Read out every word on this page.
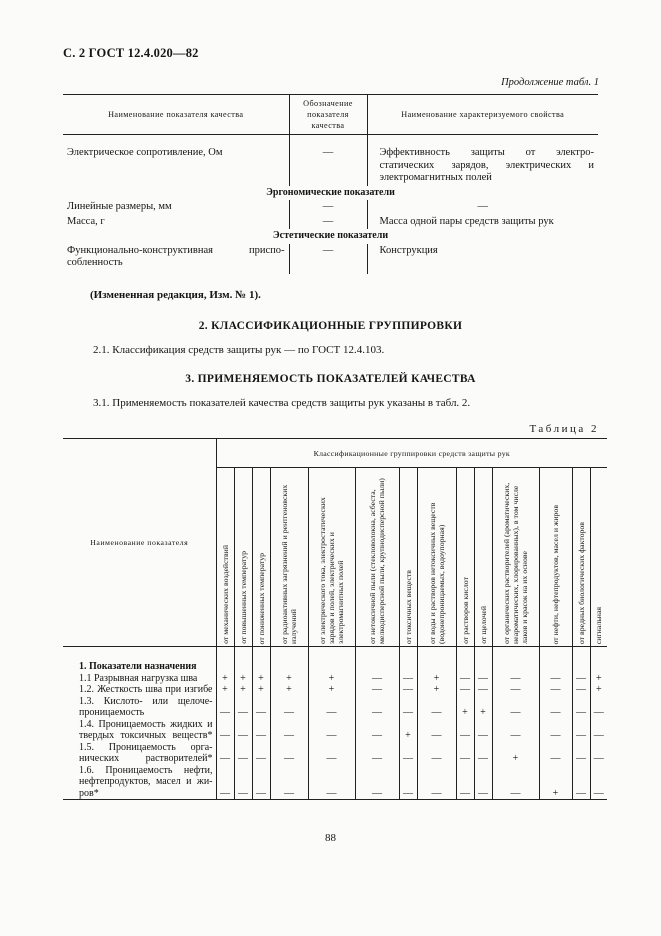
С. 2 ГОСТ 12.4.020—82
Продолжение табл. 1
Наименование показателя качества	Обозначение показателя качества	Наименование характеризуемого свойства
Электрическое сопротивление, Ом	—	Эффективность защиты от электро-статических зарядов, электрических и электромагнитных полей
Эргономические показатели		
Линейные размеры, мм	—	—
Масса, г	—	Масса одной пары средств защиты рук
Эстетические показатели		
Функционально-конструктивная приспо-собленность	—	Конструкция
(Измененная редакция, Изм. № 1).
2. КЛАССИФИКАЦИОННЫЕ ГРУППИРОВКИ
2.1. Классификация средств защиты рук — по ГОСТ 12.4.103.
3. ПРИМЕНЯЕМОСТЬ ПОКАЗАТЕЛЕЙ КАЧЕСТВА
3.1. Применяемость показателей качества средств защиты рук указаны в табл. 2.
Таблица 2
Наименование показателя	Классификационные группировки средств защиты рук													
	от механических воздействий	от повышенных температур	от пониженных температур	от радиоактивных загрязнений и рентгеновских излучений	от электрического тока, электростатических зарядов и полей, электрических и электромагнитных полей	от нетоксичной пыли (стекловолокна, асбеста, мелкодисперсной пыли, крупнодисперсной пыли)	от токсичных веществ	от воды и растворов нетоксичных веществ (водонепроницаемых, водоупорная)	от растворов кислот	от щелочей	от органических растворителей (ароматических, неароматических, хлорированных), в том числе лаков и красок на их основе	от нефти, нефтепродуктов, масел и жиров	от вредных биологических факторов	сигнальная
1. Показатели назначения														

1.1 Разрывная нагрузка шва	+	+	+	+	+	—	—	+	—	—	—	—	—	+

1.2. Жесткость шва при изгибе	+	+	+	+	+	—	—	+	—	—	—	—	—	+

1.3. Кислото- или щелоче-проницаемость	—	—	—	—	—	—	—	—	+	+	—	—	—	—

1.4. Проницаемость жидких и твердых токсичных веществ*	—	—	—	—	—	—	+	—	—	—	—	—	—	—

1.5. Проницаемость орга-нических растворителей*	—	—	—	—	—	—	—	—	—	—	+	—	—	—

1.6. Проницаемость нефти, нефтепродуктов, масел и жи-ров*	—	—	—	—	—	—	—	—	—	—	—	+	—	—
88
